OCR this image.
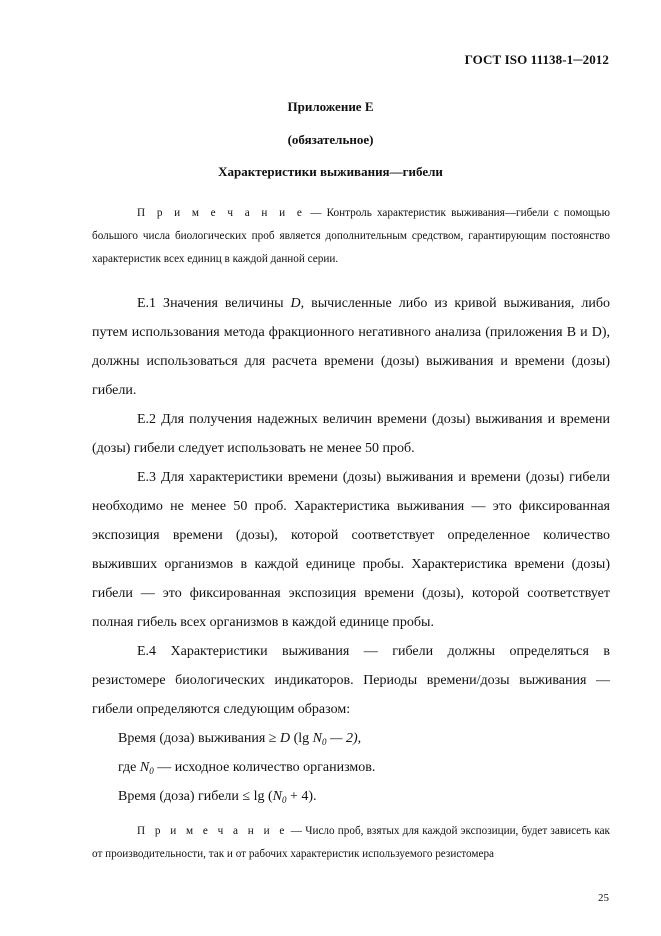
ГОСТ ISO 11138-1─2012
Приложение Е
(обязательное)
Характеристики выживания—гибели

П р и м е ч а н и е — Контроль характеристик выживания—гибели с помощью большого числа биологических проб является дополнительным средством, гарантирующим постоянство характеристик всех единиц в каждой данной серии.

Е.1 Значения величины D, вычисленные либо из кривой выживания, либо путем использования метода фракционного негативного анализа (приложения В и D), должны использоваться для расчета времени (дозы) выживания и времени (дозы) гибели.

Е.2 Для получения надежных величин времени (дозы) выживания и времени (дозы) гибели следует использовать не менее 50 проб.

Е.3 Для характеристики времени (дозы) выживания и времени (дозы) гибели необходимо не менее 50 проб. Характеристика выживания — это фиксированная экспозиция времени (дозы), которой соответствует определенное количество выживших организмов в каждой единице пробы. Характеристика времени (дозы) гибели — это фиксированная экспозиция времени (дозы), которой соответствует полная гибель всех организмов в каждой единице пробы.

Е.4 Характеристики выживания — гибели должны определяться в резистомере биологических индикаторов. Периоды времени/дозы выживания — гибели определяются следующим образом:

Время (доза) выживания ≥ D (lg $N_0$ — 2),

где $N_0$ — исходное количество организмов.

Время (доза) гибели ≤ $\lg (N_0 + 4)$.

П р и м е ч а н и е — Число проб, взятых для каждой экспозиции, будет зависеть как от производительности, так и от рабочих характеристик используемого резистомера

25
